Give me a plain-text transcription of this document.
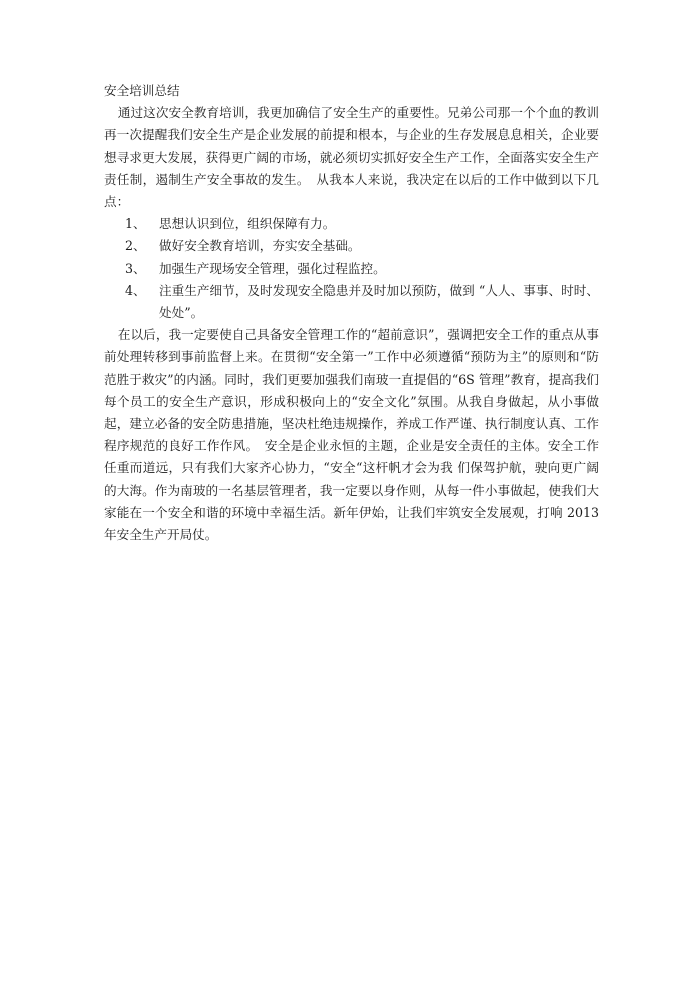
安全培训总结

通过这次安全教育培训，我更加确信了安全生产的重要性。兄弟公司那一个个血的教训再一次提醒我们安全生产是企业发展的前提和根本，与企业的生存发展息息相关，企业要想寻求更大发展，获得更广阔的市场，就必须切实抓好安全生产工作，全面落实安全生产责任制，遏制生产安全事故的发生。　从我本人来说，我决定在以后的工作中做到以下几点：

1、	思想认识到位，组织保障有力。
2、	做好安全教育培训，夯实安全基础。
3、	加强生产现场安全管理，强化过程监控。
4、	注重生产细节，及时发现安全隐患并及时加以预防，做到 “人人、事事、时时、处处”。

在以后，我一定要使自己具备安全管理工作的“超前意识”，强调把安全工作的重点从事前处理转移到事前监督上来。在贯彻“安全第一”工作中必须遵循“预防为主”的原则和“防范胜于救灾”的内涵。同时，我们更要加强我们南玻一直提倡的“6S 管理”教育，提高我们每个员工的安全生产意识，形成积极向上的“安全文化”氛围。从我自身做起，从小事做起，建立必备的安全防患措施，坚决杜绝违规操作，养成工作严谨、执行制度认真、工作程序规范的良好工作作风。　安全是企业永恒的主题，企业是安全责任的主体。安全工作任重而道远，只有我们大家齐心协力，“安全“这杆帆才会为我 们保驾护航，驶向更广阔的大海。作为南玻的一名基层管理者，我一定要以身作则，从每一件小事做起，使我们大家能在一个安全和谐的环境中幸福生活。新年伊始，让我们牢筑安全发展观，打响 2013 年安全生产开局仗。
